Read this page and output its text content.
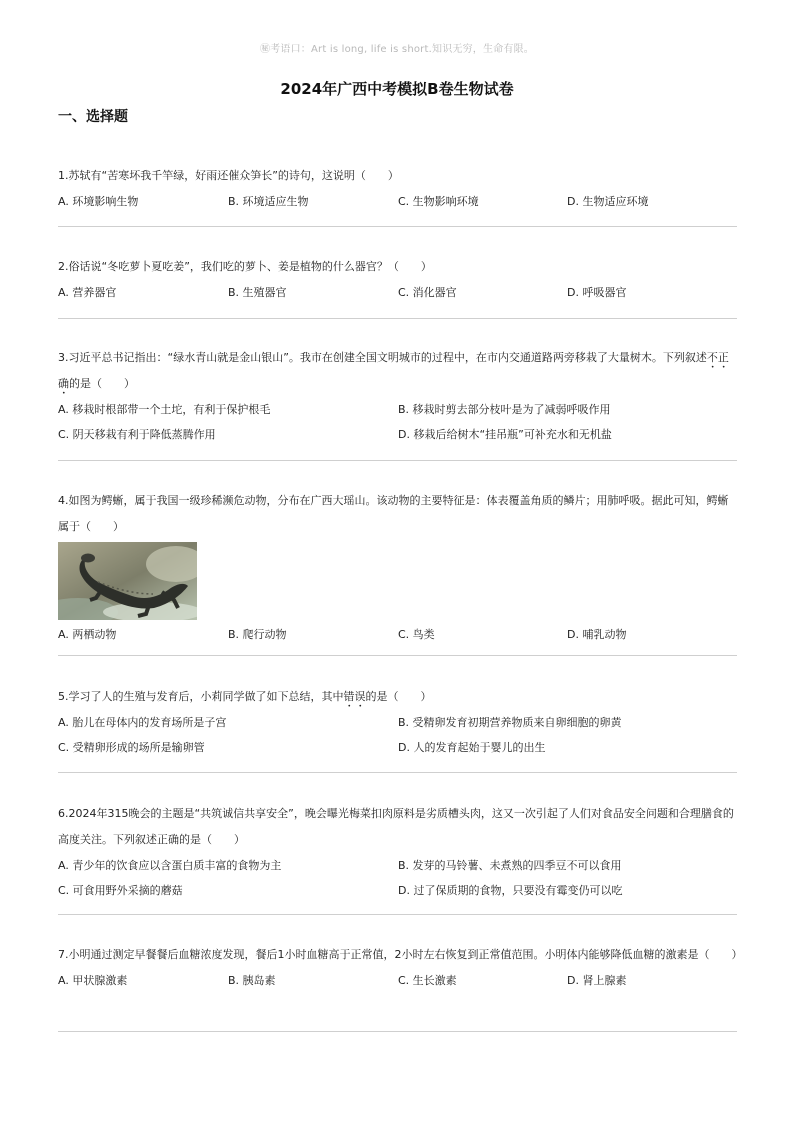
㊙考语口：Art is long, life is short.知识无穷，生命有限。
2024年广西中考模拟B卷生物试卷
一、选择题
1.苏轼有“苦寒坏我千竿绿，好雨还催众笋长”的诗句，这说明（　　）
A. 环境影响生物	B. 环境适应生物	C. 生物影响环境	D. 生物适应环境
2.俗话说“冬吃萝卜夏吃姜”，我们吃的萝卜、姜是植物的什么器官？（　　）
A. 营养器官	B. 生殖器官	C. 消化器官	D. 呼吸器官
3.习近平总书记指出：“绿水青山就是金山银山”。我市在创建全国文明城市的过程中，在市内交通道路两旁移栽了大量树木。下列叙述不正确的是（　　）
A. 移栽时根部带一个土坨，有利于保护根毛	B. 移栽时剪去部分枝叶是为了减弱呼吸作用
C. 阴天移栽有利于降低蒸腾作用	D. 移栽后给树木“挂吊瓶”可补充水和无机盐
4.如图为鳄蜥，属于我国一级珍稀濒危动物，分布在广西大瑶山。该动物的主要特征是：体表覆盖角质的鳞片；用肺呼吸。据此可知，鳄蜥属于（　　）
A. 两栖动物	B. 爬行动物	C. 鸟类	D. 哺乳动物
5.学习了人的生殖与发育后，小莉同学做了如下总结，其中错误的是（　　）
A. 胎儿在母体内的发育场所是子宫	B. 受精卵发育初期营养物质来自卵细胞的卵黄
C. 受精卵形成的场所是输卵管	D. 人的发育起始于婴儿的出生
6.2024年315晚会的主题是“共筑诚信共享安全”，晚会曝光梅菜扣肉原料是劣质槽头肉，这又一次引起了人们对食品安全问题和合理膳食的高度关注。下列叙述正确的是（　　）
A. 青少年的饮食应以含蛋白质丰富的食物为主	B. 发芽的马铃薯、未煮熟的四季豆不可以食用
C. 可食用野外采摘的蘑菇	D. 过了保质期的食物，只要没有霉变仍可以吃
7.小明通过测定早餐餐后血糖浓度发现，餐后1小时血糖高于正常值，2小时左右恢复到正常值范围。小明体内能够降低血糖的激素是（　　）
A. 甲状腺激素	B. 胰岛素	C. 生长激素	D. 肾上腺素
